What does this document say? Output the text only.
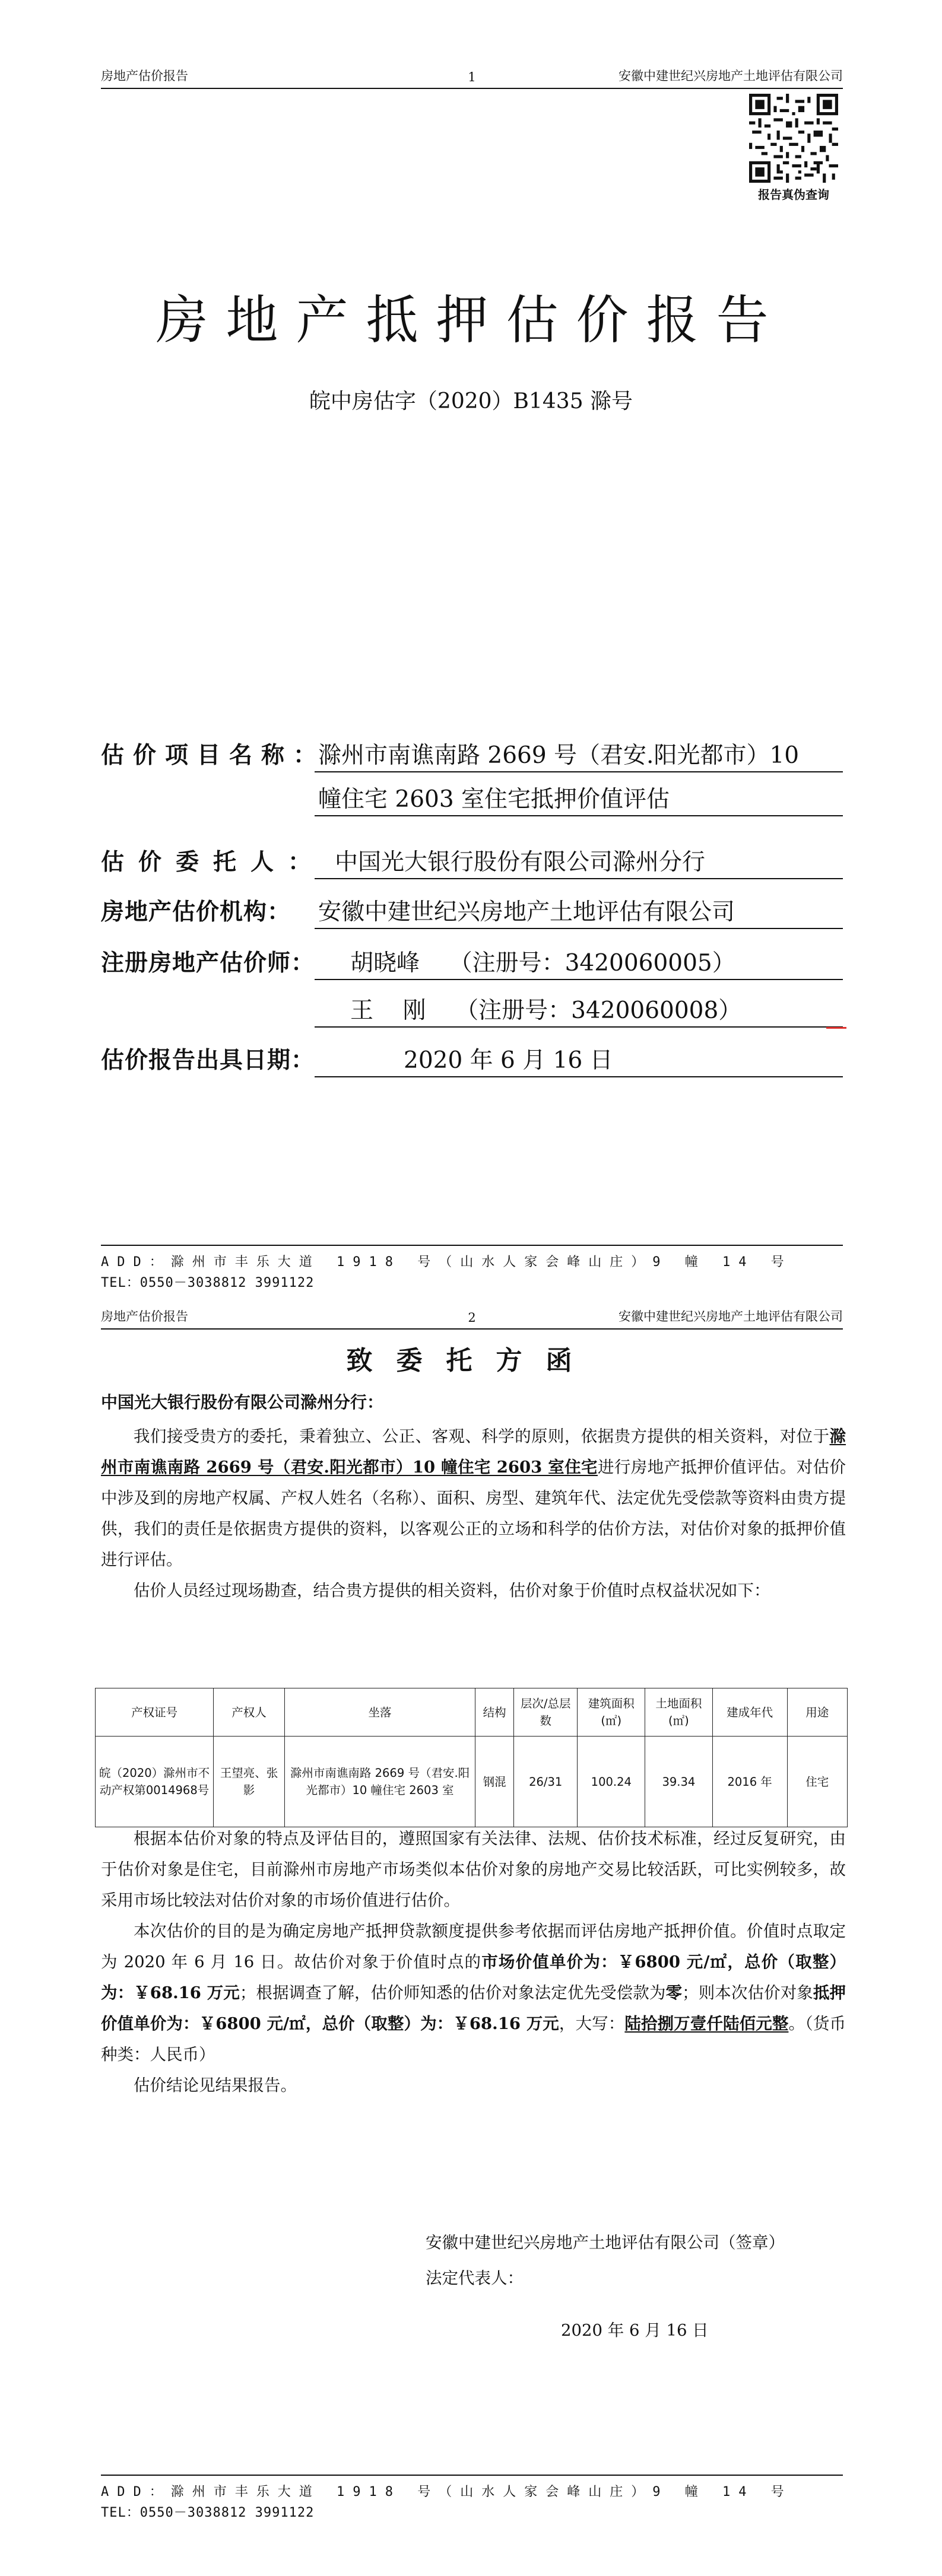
房地产估价报告	1	安徽中建世纪兴房地产土地评估有限公司
报告真伪查询
房地产抵押估价报告
皖中房估字（2020）B1435 滁号
估价项目名称：
滁州市南谯南路 2669 号（君安.阳光都市）10
幢住宅 2603 室住宅抵押价值评估
估价委托人： 中国光大银行股份有限公司滁州分行
房地产估价机构：	安徽中建世纪兴房地产土地评估有限公司
注册房地产估价师：	胡晓峰    （注册号：3420060005）
王    刚    （注册号：3420060008）
估价报告出具日期：	2020 年 6 月 16 日
ADD：滁州市丰乐大道 1918 号（山水人家会峰山庄）9 幢 14 号
TEL：0550－3038812 3991122
房地产估价报告	2	安徽中建世纪兴房地产土地评估有限公司
致委托方函
中国光大银行股份有限公司滁州分行：

我们接受贵方的委托，秉着独立、公正、客观、科学的原则，依据贵方提供的相关资料，对位于滁州市南谯南路 2669 号（君安.阳光都市）10 幢住宅 2603 室住宅进行房地产抵押价值评估。对估价中涉及到的房地产权属、产权人姓名（名称）、面积、房型、建筑年代、法定优先受偿款等资料由贵方提供，我们的责任是依据贵方提供的资料，以客观公正的立场和科学的估价方法，对估价对象的抵押价值进行评估。

估价人员经过现场勘查，结合贵方提供的相关资料，估价对象于价值时点权益状况如下：

产权证号	产权人	坐落	结构	层次/总层数	建筑面积(㎡)	土地面积(㎡)	建成年代	用途
皖（2020）滁州市不动产权第0014968号	王望亮、张影	滁州市南谯南路 2669 号（君安.阳光都市）10 幢住宅 2603 室	钢混	26/31	100.24	39.34	2016 年	住宅

根据本估价对象的特点及评估目的，遵照国家有关法律、法规、估价技术标准，经过反复研究，由于估价对象是住宅，目前滁州市房地产市场类似本估价对象的房地产交易比较活跃，可比实例较多，故采用市场比较法对估价对象的市场价值进行估价。

本次估价的目的是为确定房地产抵押贷款额度提供参考依据而评估房地产抵押价值。价值时点取定为 2020 年 6 月 16 日。故估价对象于价值时点的市场价值单价为：￥6800 元/㎡，总价（取整）为：￥68.16 万元；根据调查了解，估价师知悉的估价对象法定优先受偿款为零；则本次估价对象抵押价值单价为：￥6800 元/㎡，总价（取整）为：￥68.16 万元，大写：陆拾捌万壹仟陆佰元整。（货币种类：人民币）

估价结论见结果报告。

安徽中建世纪兴房地产土地评估有限公司（签章）
法定代表人：
2020 年 6 月 16 日
ADD：滁州市丰乐大道 1918 号（山水人家会峰山庄）9 幢 14 号
TEL：0550－3038812 3991122
